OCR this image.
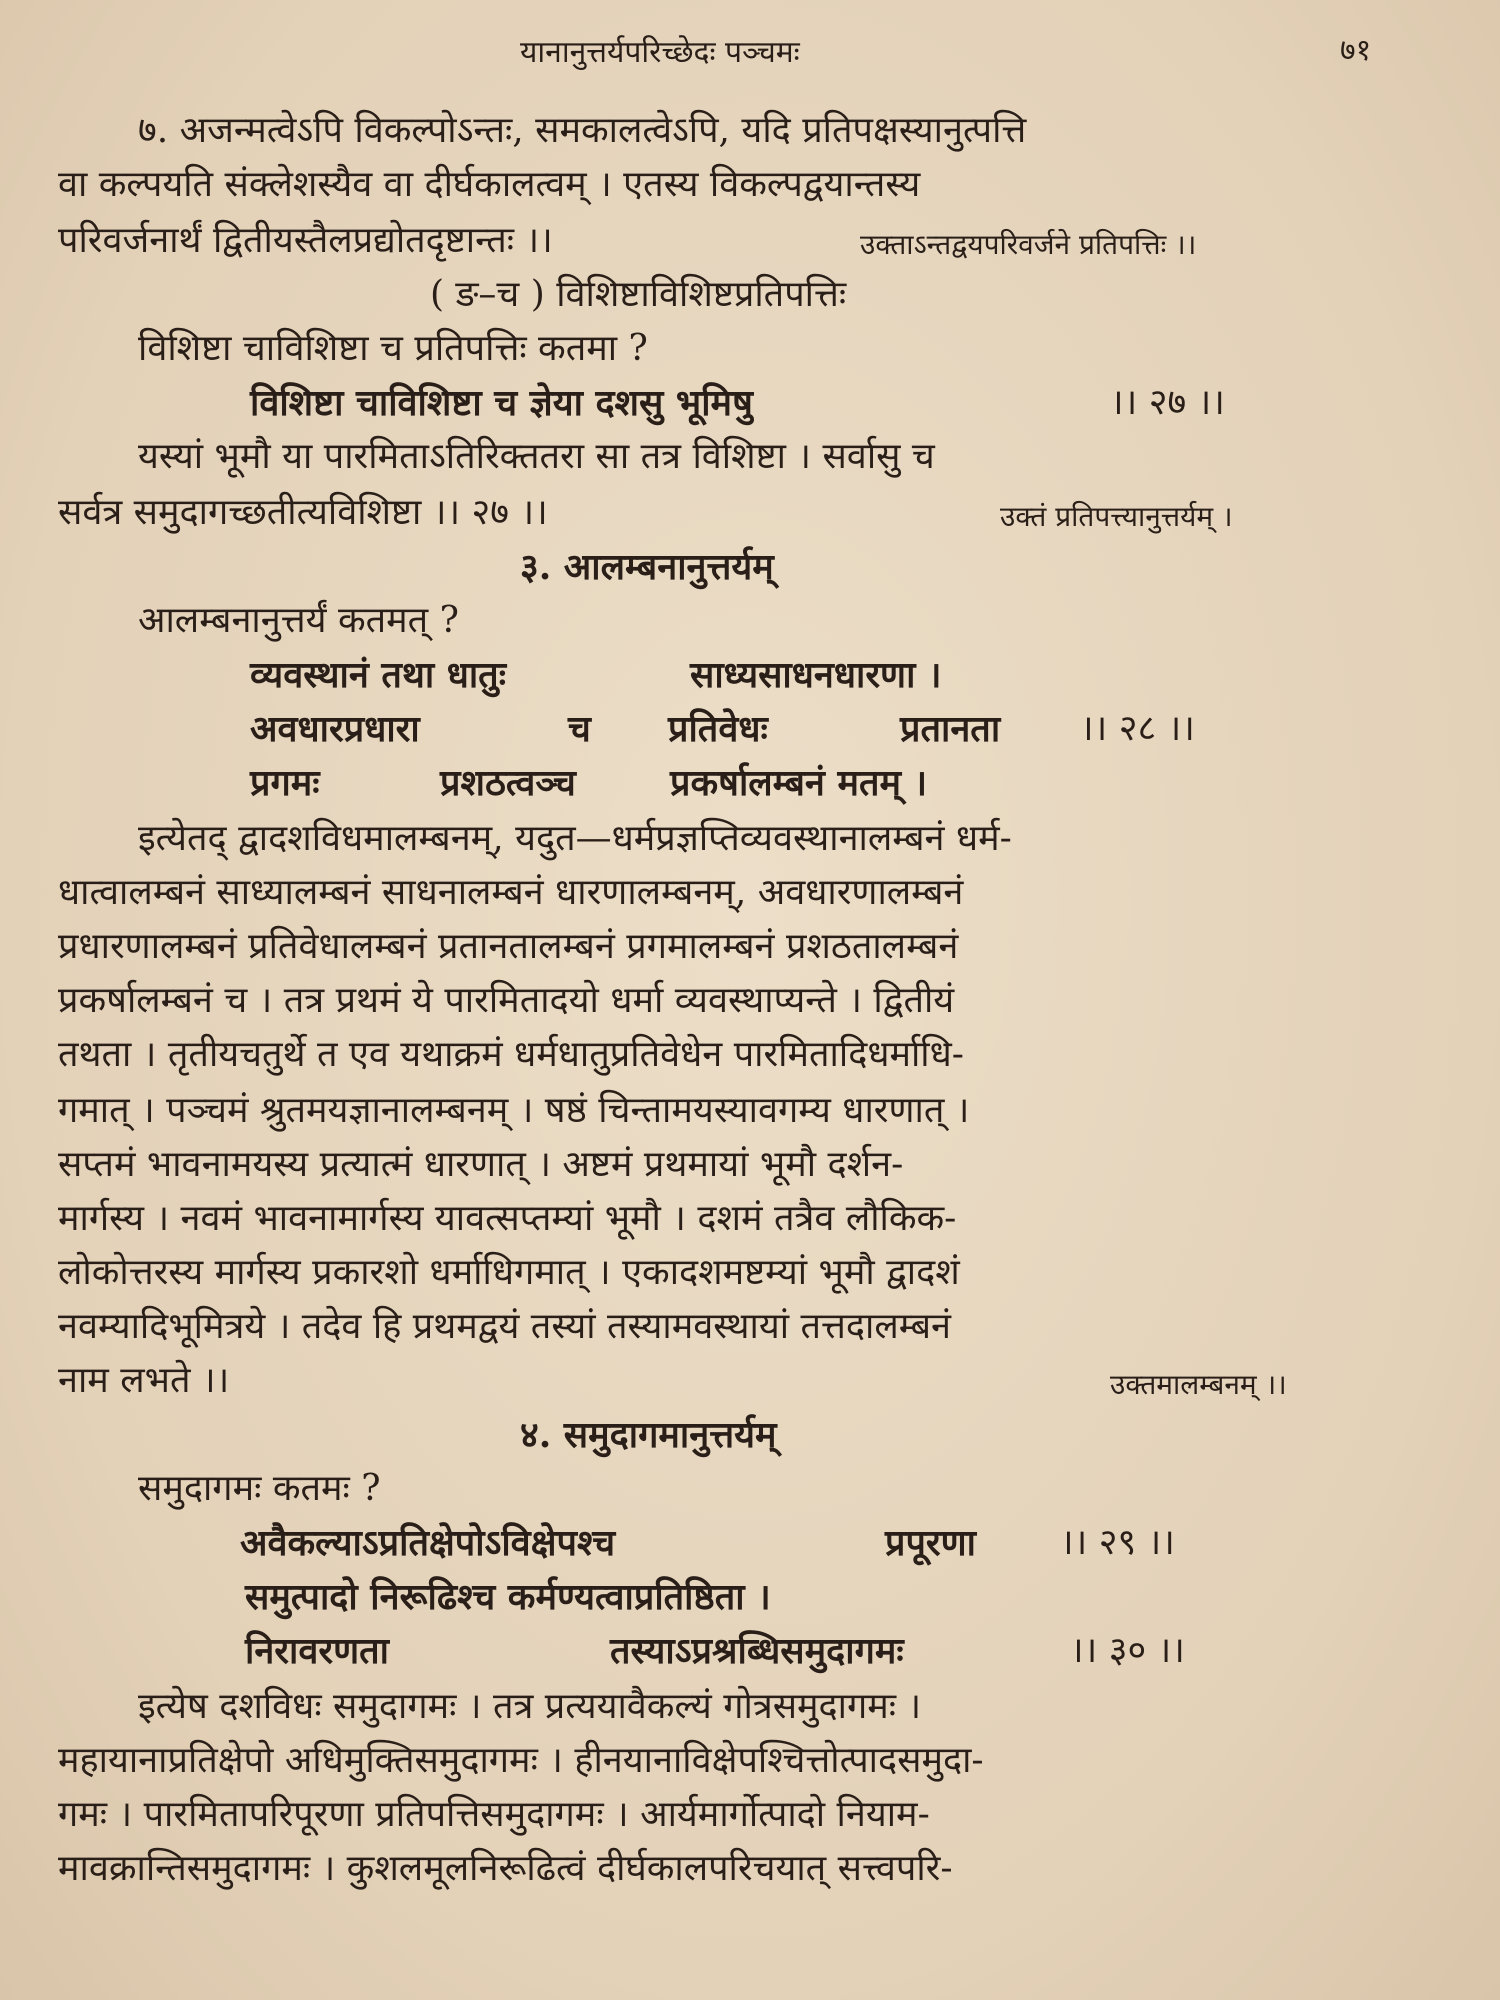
यानानुत्तर्यपरिच्छेदः पञ्चमः	७१
७. अजन्मत्वेऽपि विकल्पोऽन्तः, समकालत्वेऽपि, यदि प्रतिपक्षस्यानुत्पत्ति
वा कल्पयति संक्लेशस्यैव वा दीर्घकालत्वम् । एतस्य विकल्पद्वयान्तस्य
परिवर्जनार्थं द्वितीयस्तैलप्रद्योतदृष्टान्तः ।।	उक्ताऽन्तद्वयपरिवर्जने प्रतिपत्तिः ।।
( ङ–च ) विशिष्टाविशिष्टप्रतिपत्तिः
विशिष्टा चाविशिष्टा च प्रतिपत्तिः कतमा ?
विशिष्टा चाविशिष्टा च ज्ञेया दशसु भूमिषु	।। २७ ।।
यस्यां भूमौ या पारमिताऽतिरिक्ततरा सा तत्र विशिष्टा । सर्वासु च
सर्वत्र समुदागच्छतीत्यविशिष्टा ।। २७ ।।	उक्तं प्रतिपत्त्यानुत्तर्यम् ।
३. आलम्बनानुत्तर्यम्
आलम्बनानुत्तर्यं कतमत् ?
व्यवस्थानं तथा धातुः	साध्यसाधनधारणा ।
अवधारप्रधारा	च प्रतिवेधः	प्रतानता ।। २८ ।।
प्रगमः	प्रशठत्वञ्च	प्रकर्षालम्बनं मतम् ।
इत्येतद् द्वादशविधमालम्बनम्, यदुत—धर्मप्रज्ञप्तिव्यवस्थानालम्बनं धर्म-
धात्वालम्बनं साध्यालम्बनं साधनालम्बनं धारणालम्बनम्, अवधारणालम्बनं
प्रधारणालम्बनं प्रतिवेधालम्बनं प्रतानतालम्बनं प्रगमालम्बनं प्रशठतालम्बनं
प्रकर्षालम्बनं च । तत्र प्रथमं ये पारमितादयो धर्मा व्यवस्थाप्यन्ते । द्वितीयं
तथता । तृतीयचतुर्थे त एव यथाक्रमं धर्मधातुप्रतिवेधेन पारमितादिधर्माधि-
गमात् । पञ्चमं श्रुतमयज्ञानालम्बनम् । षष्ठं चिन्तामयस्यावगम्य धारणात् ।
सप्तमं भावनामयस्य प्रत्यात्मं धारणात् । अष्टमं प्रथमायां भूमौ दर्शन-
मार्गस्य । नवमं भावनामार्गस्य यावत्सप्तम्यां भूमौ । दशमं तत्रैव लौकिक-
लोकोत्तरस्य मार्गस्य प्रकारशो धर्माधिगमात् । एकादशमष्टम्यां भूमौ द्वादशं
नवम्यादिभूमित्रये । तदेव हि प्रथमद्वयं तस्यां तस्यामवस्थायां तत्तदालम्बनं
नाम लभते ।।	उक्तमालम्बनम् ।।
४. समुदागमानुत्तर्यम्
समुदागमः कतमः ?
अवैकल्याऽप्रतिक्षेपोऽविक्षेपश्च	प्रपूरणा ।। २९ ।।
समुत्पादो निरूढिश्च कर्मण्यत्वाप्रतिष्ठिता ।
निरावरणता	तस्याऽप्रश्रब्धिसमुदागमः	।। ३० ।।
इत्येष दशविधः समुदागमः । तत्र प्रत्ययावैकल्यं गोत्रसमुदागमः ।
महायानाप्रतिक्षेपो अधिमुक्तिसमुदागमः । हीनयानाविक्षेपश्चित्तोत्पादसमुदा-
गमः । पारमितापरिपूरणा प्रतिपत्तिसमुदागमः । आर्यमार्गोत्पादो नियाम-
मावक्रान्तिसमुदागमः । कुशलमूलनिरूढित्वं दीर्घकालपरिचयात् सत्त्वपरि-
